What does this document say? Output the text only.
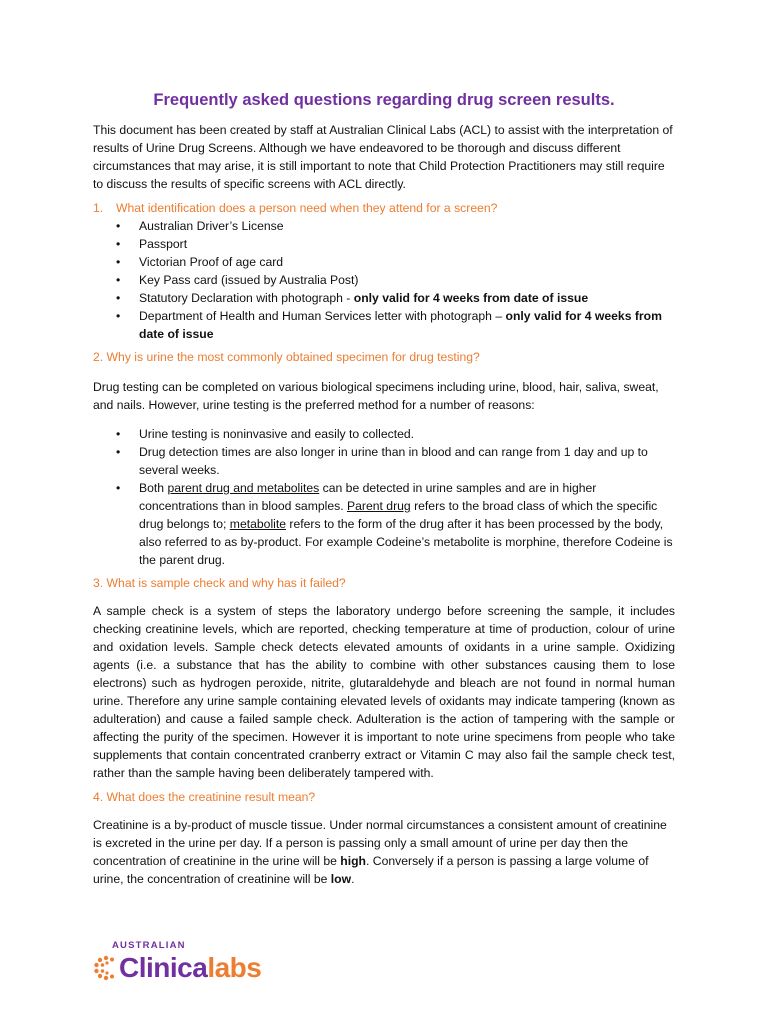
Frequently asked questions regarding drug screen results.

This document has been created by staff at Australian Clinical Labs (ACL) to assist with the interpretation of results of Urine Drug Screens. Although we have endeavored to be thorough and discuss different circumstances that may arise, it is still important to note that Child Protection Practitioners may still require to discuss the results of specific screens with ACL directly.

1.	What identification does a person need when they attend for a screen?
• Australian Driver’s License
• Passport
• Victorian Proof of age card
• Key Pass card (issued by Australia Post)
• Statutory Declaration with photograph - only valid for 4 weeks from date of issue
• Department of Health and Human Services letter with photograph – only valid for 4 weeks from date of issue

2. Why is urine the most commonly obtained specimen for drug testing?

Drug testing can be completed on various biological specimens including urine, blood, hair, saliva, sweat, and nails. However, urine testing is the preferred method for a number of reasons:

• Urine testing is noninvasive and easily to collected.
• Drug detection times are also longer in urine than in blood and can range from 1 day and up to several weeks.
• Both parent drug and metabolites can be detected in urine samples and are in higher concentrations than in blood samples. Parent drug refers to the broad class of which the specific drug belongs to; metabolite refers to the form of the drug after it has been processed by the body, also referred to as by-product. For example Codeine’s metabolite is morphine, therefore Codeine is the parent drug.

3. What is sample check and why has it failed?

A sample check is a system of steps the laboratory undergo before screening the sample, it includes checking creatinine levels, which are reported, checking temperature at time of production, colour of urine and oxidation levels. Sample check detects elevated amounts of oxidants in a urine sample. Oxidizing agents (i.e. a substance that has the ability to combine with other substances causing them to lose electrons) such as hydrogen peroxide, nitrite, glutaraldehyde and bleach are not found in normal human urine. Therefore any urine sample containing elevated levels of oxidants may indicate tampering (known as adulteration) and cause a failed sample check. Adulteration is the action of tampering with the sample or affecting the purity of the specimen. However it is important to note urine specimens from people who take supplements that contain concentrated cranberry extract or Vitamin C may also fail the sample check test, rather than the sample having been deliberately tampered with.

4. What does the creatinine result mean?

Creatinine is a by-product of muscle tissue. Under normal circumstances a consistent amount of creatinine is excreted in the urine per day. If a person is passing only a small amount of urine per day then the concentration of creatinine in the urine will be high. Conversely if a person is passing a large volume of urine, the concentration of creatinine will be low.

AUSTRALIAN
Clinicalabs
